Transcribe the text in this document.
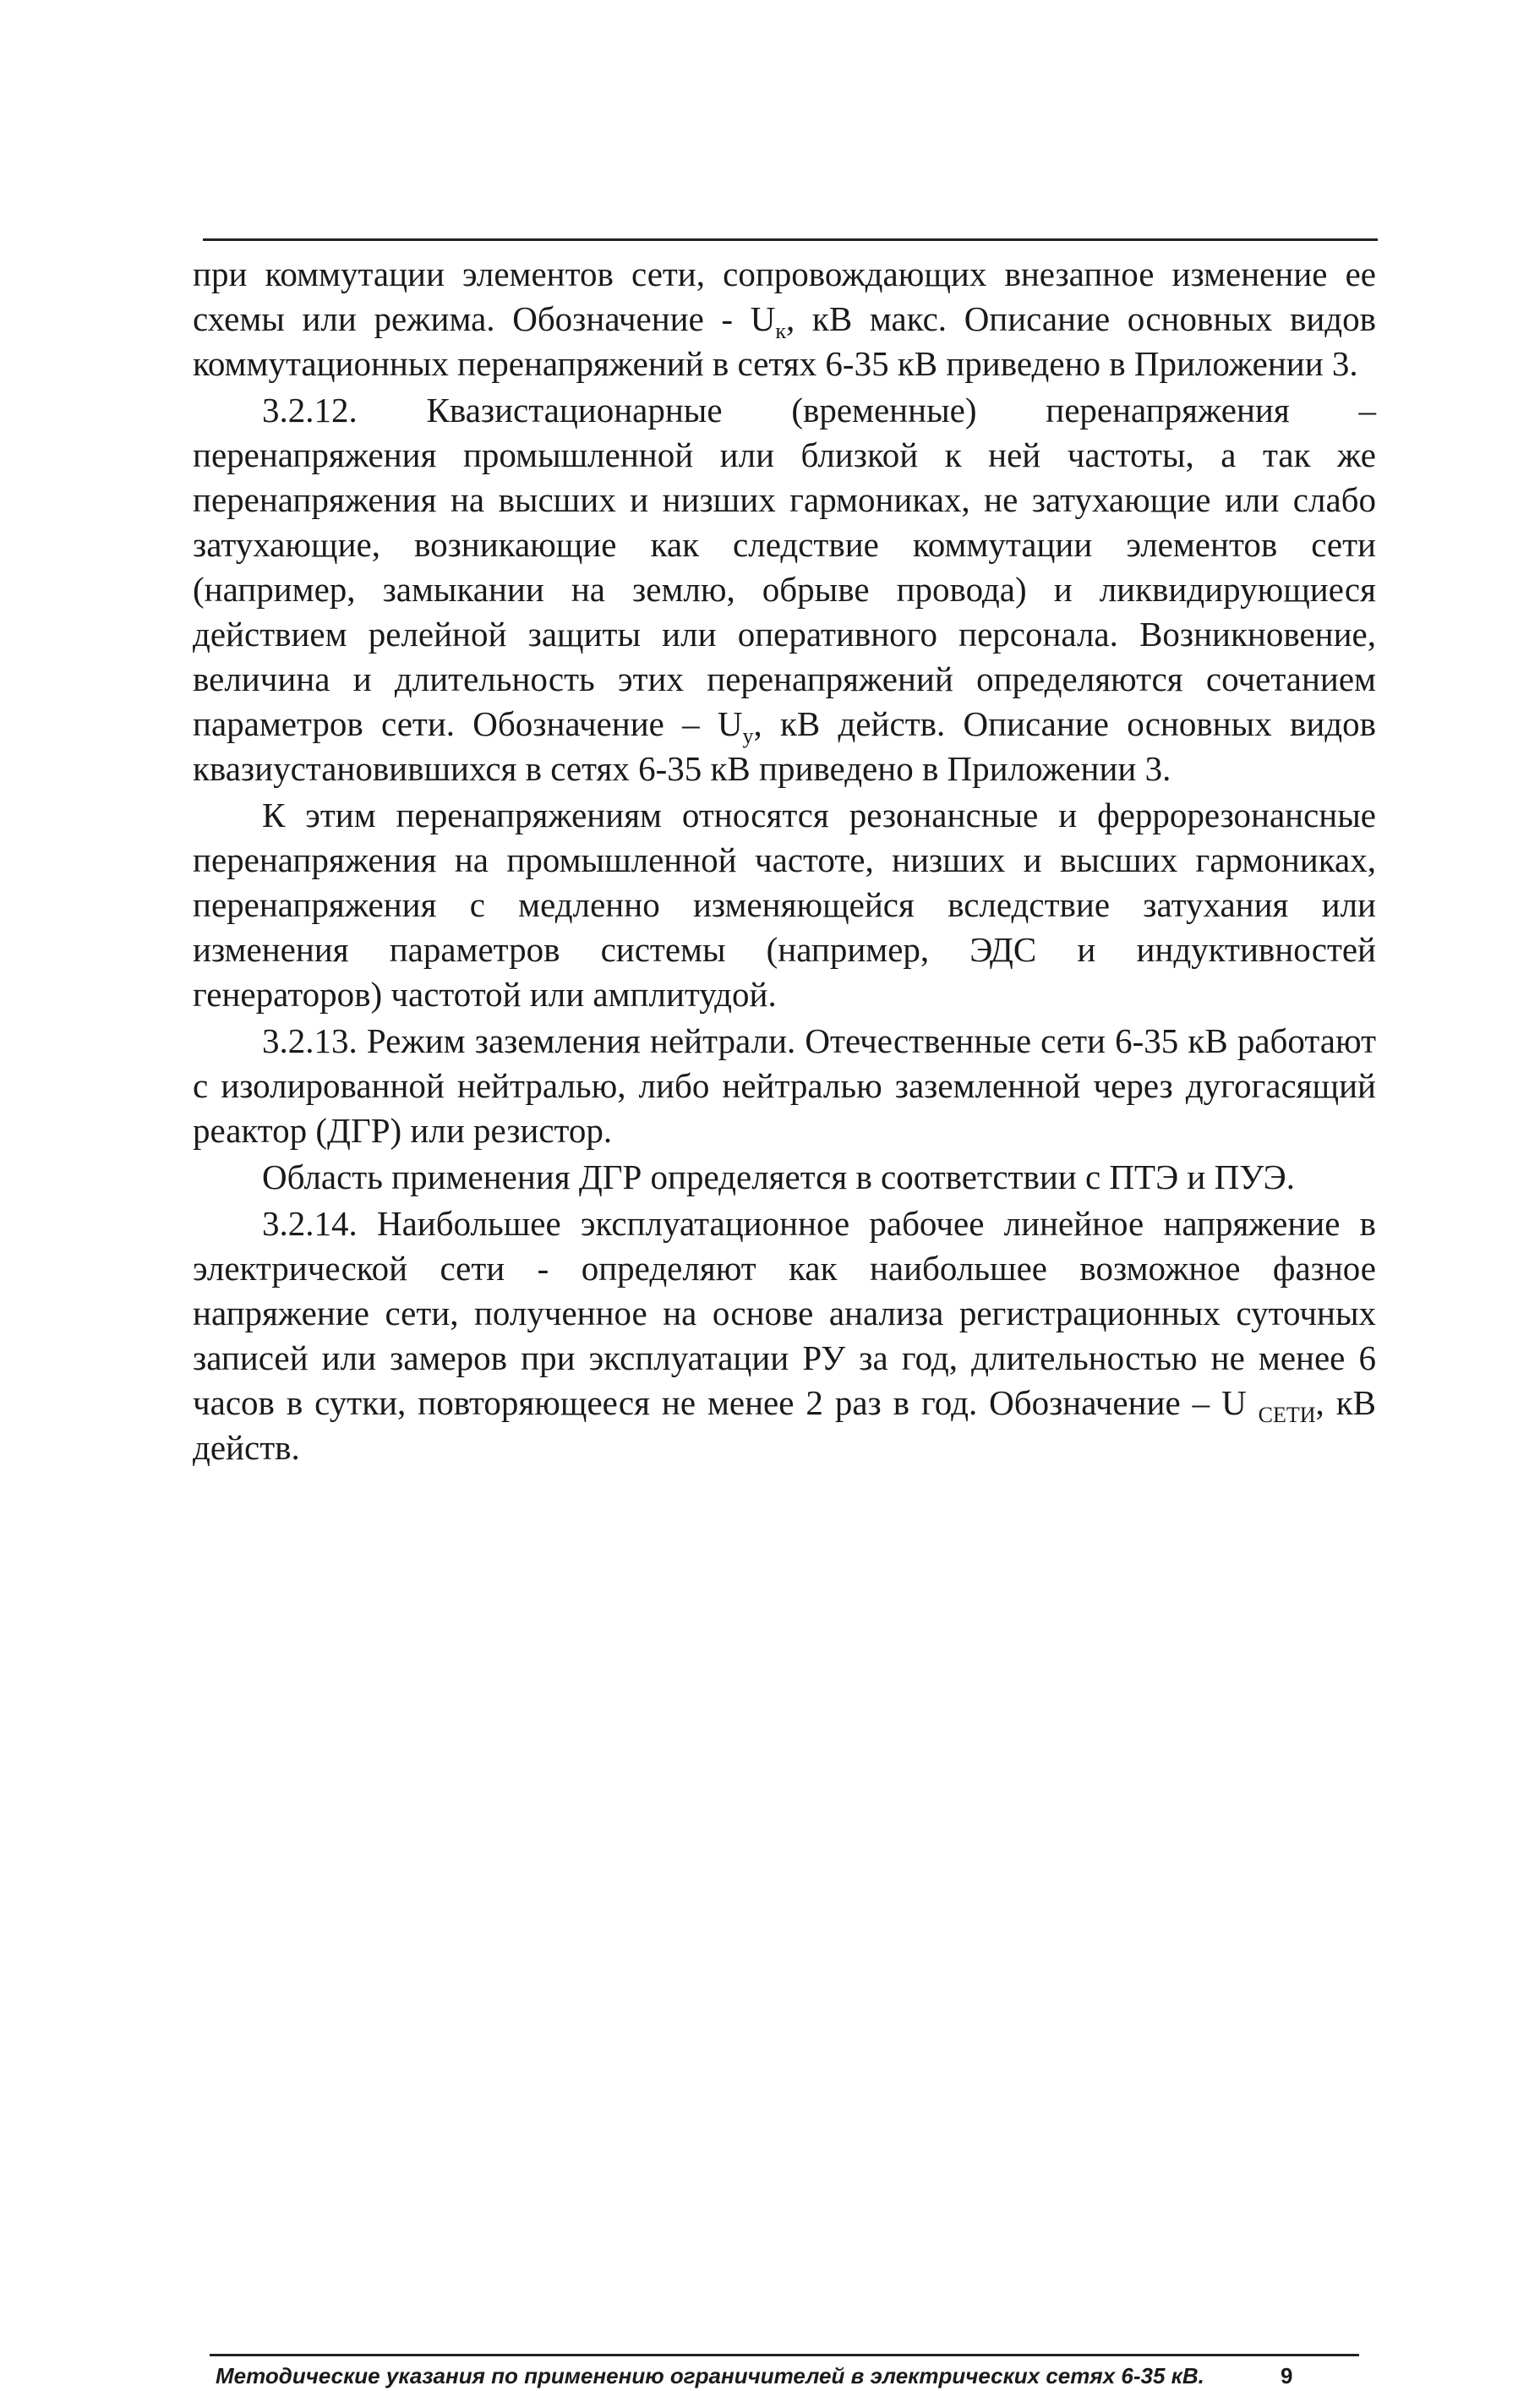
при коммутации элементов сети, сопровождающих внезапное изменение ее схемы или режима. Обозначение - $U_к$, кВ макс. Описание основных видов коммутационных перенапряжений в сетях 6-35 кВ приведено в Приложении 3.

3.2.12. Квазистационарные (временные) перенапряжения – перенапряжения промышленной или близкой к ней частоты, а так же перенапряжения на высших и низших гармониках, не затухающие или слабо затухающие, возникающие как следствие коммутации элементов сети (например, замыкании на землю, обрыве провода) и ликвидирующиеся действием релейной защиты или оперативного персонала. Возникновение, величина и длительность этих перенапряжений определяются сочетанием параметров сети. Обозначение – $U_у$, кВ действ. Описание основных видов квазиустановившихся в сетях 6-35 кВ приведено в Приложении 3.

К этим перенапряжениям относятся резонансные и феррорезонансные перенапряжения на промышленной частоте, низших и высших гармониках, перенапряжения с медленно изменяющейся вследствие затухания или изменения параметров системы (например, ЭДС и индуктивностей генераторов) частотой или амплитудой.

3.2.13. Режим заземления нейтрали. Отечественные сети 6-35 кВ работают с изолированной нейтралью, либо нейтралью заземленной через дугогасящий реактор (ДГР) или резистор.

Область применения ДГР определяется в соответствии с ПТЭ и ПУЭ.

3.2.14. Наибольшее эксплуатационное рабочее линейное напряжение в электрической сети - определяют как наибольшее возможное фазное напряжение сети, полученное на основе анализа регистрационных суточных записей или замеров при эксплуатации РУ за год, длительностью не менее 6 часов в сутки, повторяющееся не менее 2 раз в год. Обозначение – U $_{СЕТИ}$, кВ действ.

Методические указания по применению ограничителей в электрических сетях 6-35 кВ.	9
